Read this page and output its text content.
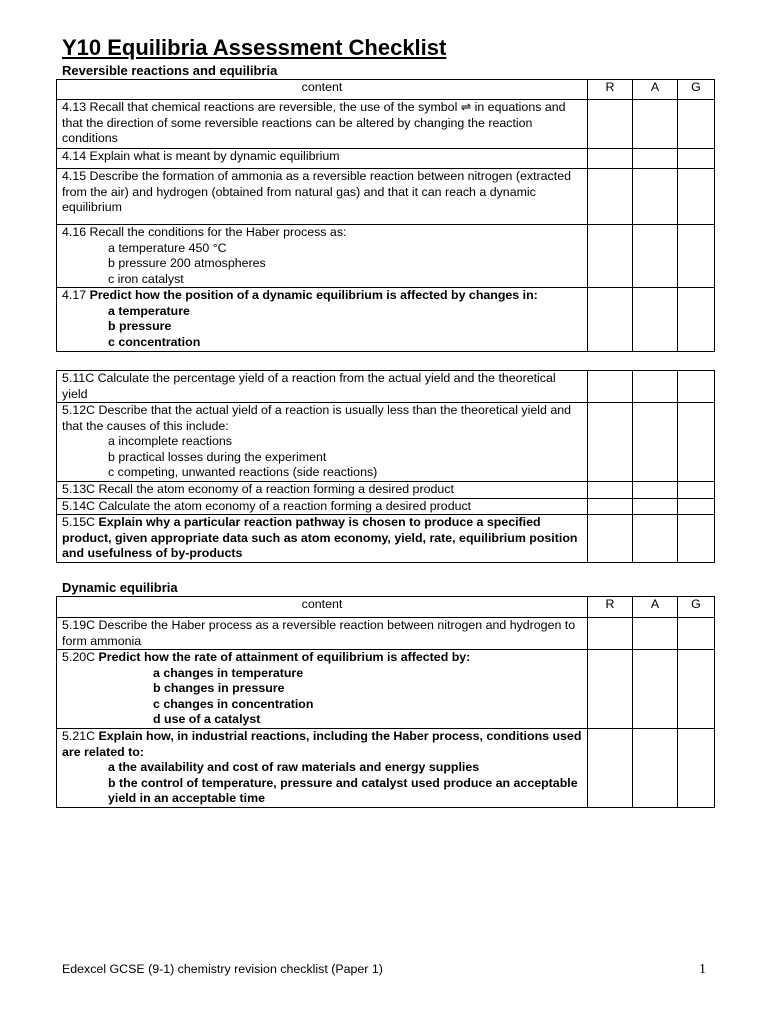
Y10 Equilibria Assessment Checklist
Reversible reactions and equilibria
content	R	A	G
4.13 Recall that chemical reactions are reversible, the use of the symbol ⇌ in equations and that the direction of some reversible reactions can be altered by changing the reaction conditions			
4.14 Explain what is meant by dynamic equilibrium			
4.15 Describe the formation of ammonia as a reversible reaction between nitrogen (extracted from the air) and hydrogen (obtained from natural gas) and that it can reach a dynamic equilibrium			
4.16 Recall the conditions for the Haber process as:
a temperature 450 °C
b pressure 200 atmospheres
c iron catalyst			

4.17 Predict how the position of a dynamic equilibrium is affected by changes in:
a temperature
b pressure
c concentration			

5.11C Calculate the percentage yield of a reaction from the actual yield and the theoretical yield			
5.12C Describe that the actual yield of a reaction is usually less than the theoretical yield and that the causes of this include:
a incomplete reactions
b practical losses during the experiment
c competing, unwanted reactions (side reactions)			

5.13C Recall the atom economy of a reaction forming a desired product			
5.14C Calculate the atom economy of a reaction forming a desired product			
5.15C Explain why a particular reaction pathway is chosen to produce a specified product, given appropriate data such as atom economy, yield, rate, equilibrium position and usefulness of by-products			
Dynamic equilibria
content	R	A	G
5.19C Describe the Haber process as a reversible reaction between nitrogen and hydrogen to form ammonia			
5.20C Predict how the rate of attainment of equilibrium is affected by:
a changes in temperature
b changes in pressure
c changes in concentration
d use of a catalyst			

5.21C Explain how, in industrial reactions, including the Haber process, conditions used are related to:
a the availability and cost of raw materials and energy supplies
b the control of temperature, pressure and catalyst used produce an acceptable yield in an acceptable time			

Edexcel GCSE (9-1) chemistry revision checklist (Paper 1)	1
